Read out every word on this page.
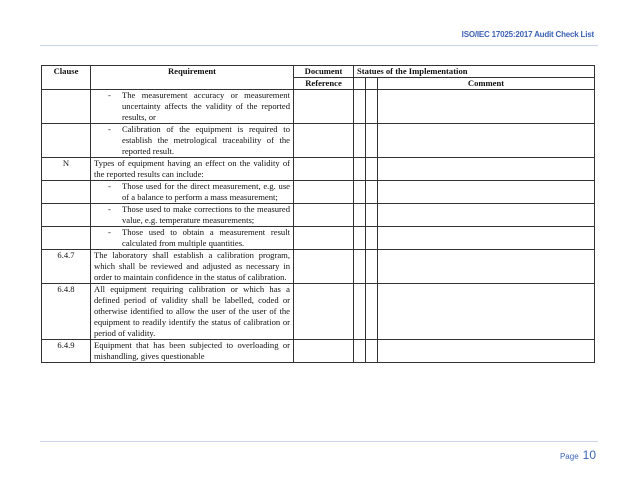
ISO/IEC 17025:2017 Audit Check List
Clause	Requirement	Document	Statues of the Implementation		
		Reference			Comment

	- The measurement accuracy or measurement uncertainty affects the validity of the reported results, or				

	- Calibration of the equipment is required to establish the metrological traceability of the reported result.				

N	Types of equipment having an effect on the validity of the reported results can include:				

	- Those used for the direct measurement, e.g. use of a balance to perform a mass measurement;				

	- Those used to make corrections to the measured value, e.g. temperature measurements;				

	- Those used to obtain a measurement result calculated from multiple quantities.				

6.4.7	The laboratory shall establish a calibration program, which shall be reviewed and adjusted as necessary in order to maintain confidence in the status of calibration.				

6.4.8	All equipment requiring calibration or which has a defined period of validity shall be labelled, coded or otherwise identified to allow the user of the user of the equipment to readily identify the status of calibration or period of validity.				

6.4.9	Equipment that has been subjected to overloading or mishandling, gives questionable				

Page 10
